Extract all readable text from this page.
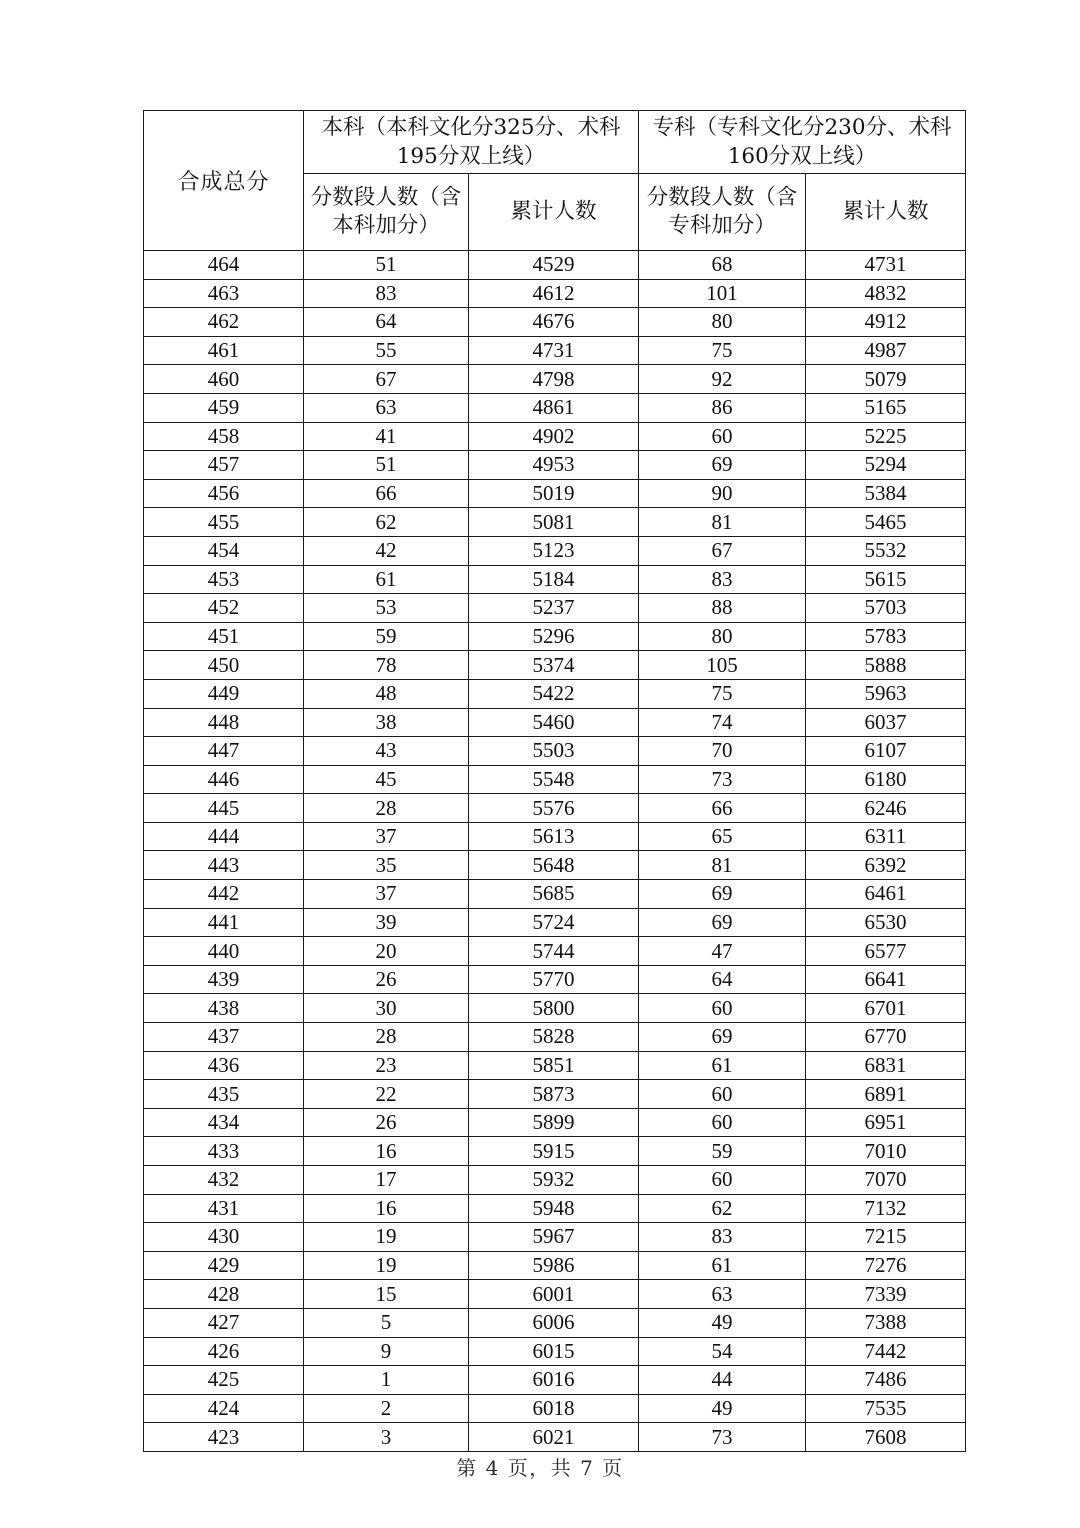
合成总分	本科（本科文化分325分、术科195分双上线）		专科（专科文化分230分、术科160分双上线）	
	分数段人数（含本科加分）	累计人数	分数段人数（含专科加分）	累计人数
464	51	4529	68	4731
463	83	4612	101	4832
462	64	4676	80	4912
461	55	4731	75	4987
460	67	4798	92	5079
459	63	4861	86	5165
458	41	4902	60	5225
457	51	4953	69	5294
456	66	5019	90	5384
455	62	5081	81	5465
454	42	5123	67	5532
453	61	5184	83	5615
452	53	5237	88	5703
451	59	5296	80	5783
450	78	5374	105	5888
449	48	5422	75	5963
448	38	5460	74	6037
447	43	5503	70	6107
446	45	5548	73	6180
445	28	5576	66	6246
444	37	5613	65	6311
443	35	5648	81	6392
442	37	5685	69	6461
441	39	5724	69	6530
440	20	5744	47	6577
439	26	5770	64	6641
438	30	5800	60	6701
437	28	5828	69	6770
436	23	5851	61	6831
435	22	5873	60	6891
434	26	5899	60	6951
433	16	5915	59	7010
432	17	5932	60	7070
431	16	5948	62	7132
430	19	5967	83	7215
429	19	5986	61	7276
428	15	6001	63	7339
427	5	6006	49	7388
426	9	6015	54	7442
425	1	6016	44	7486
424	2	6018	49	7535
423	3	6021	73	7608
第 4 页，共 7 页
